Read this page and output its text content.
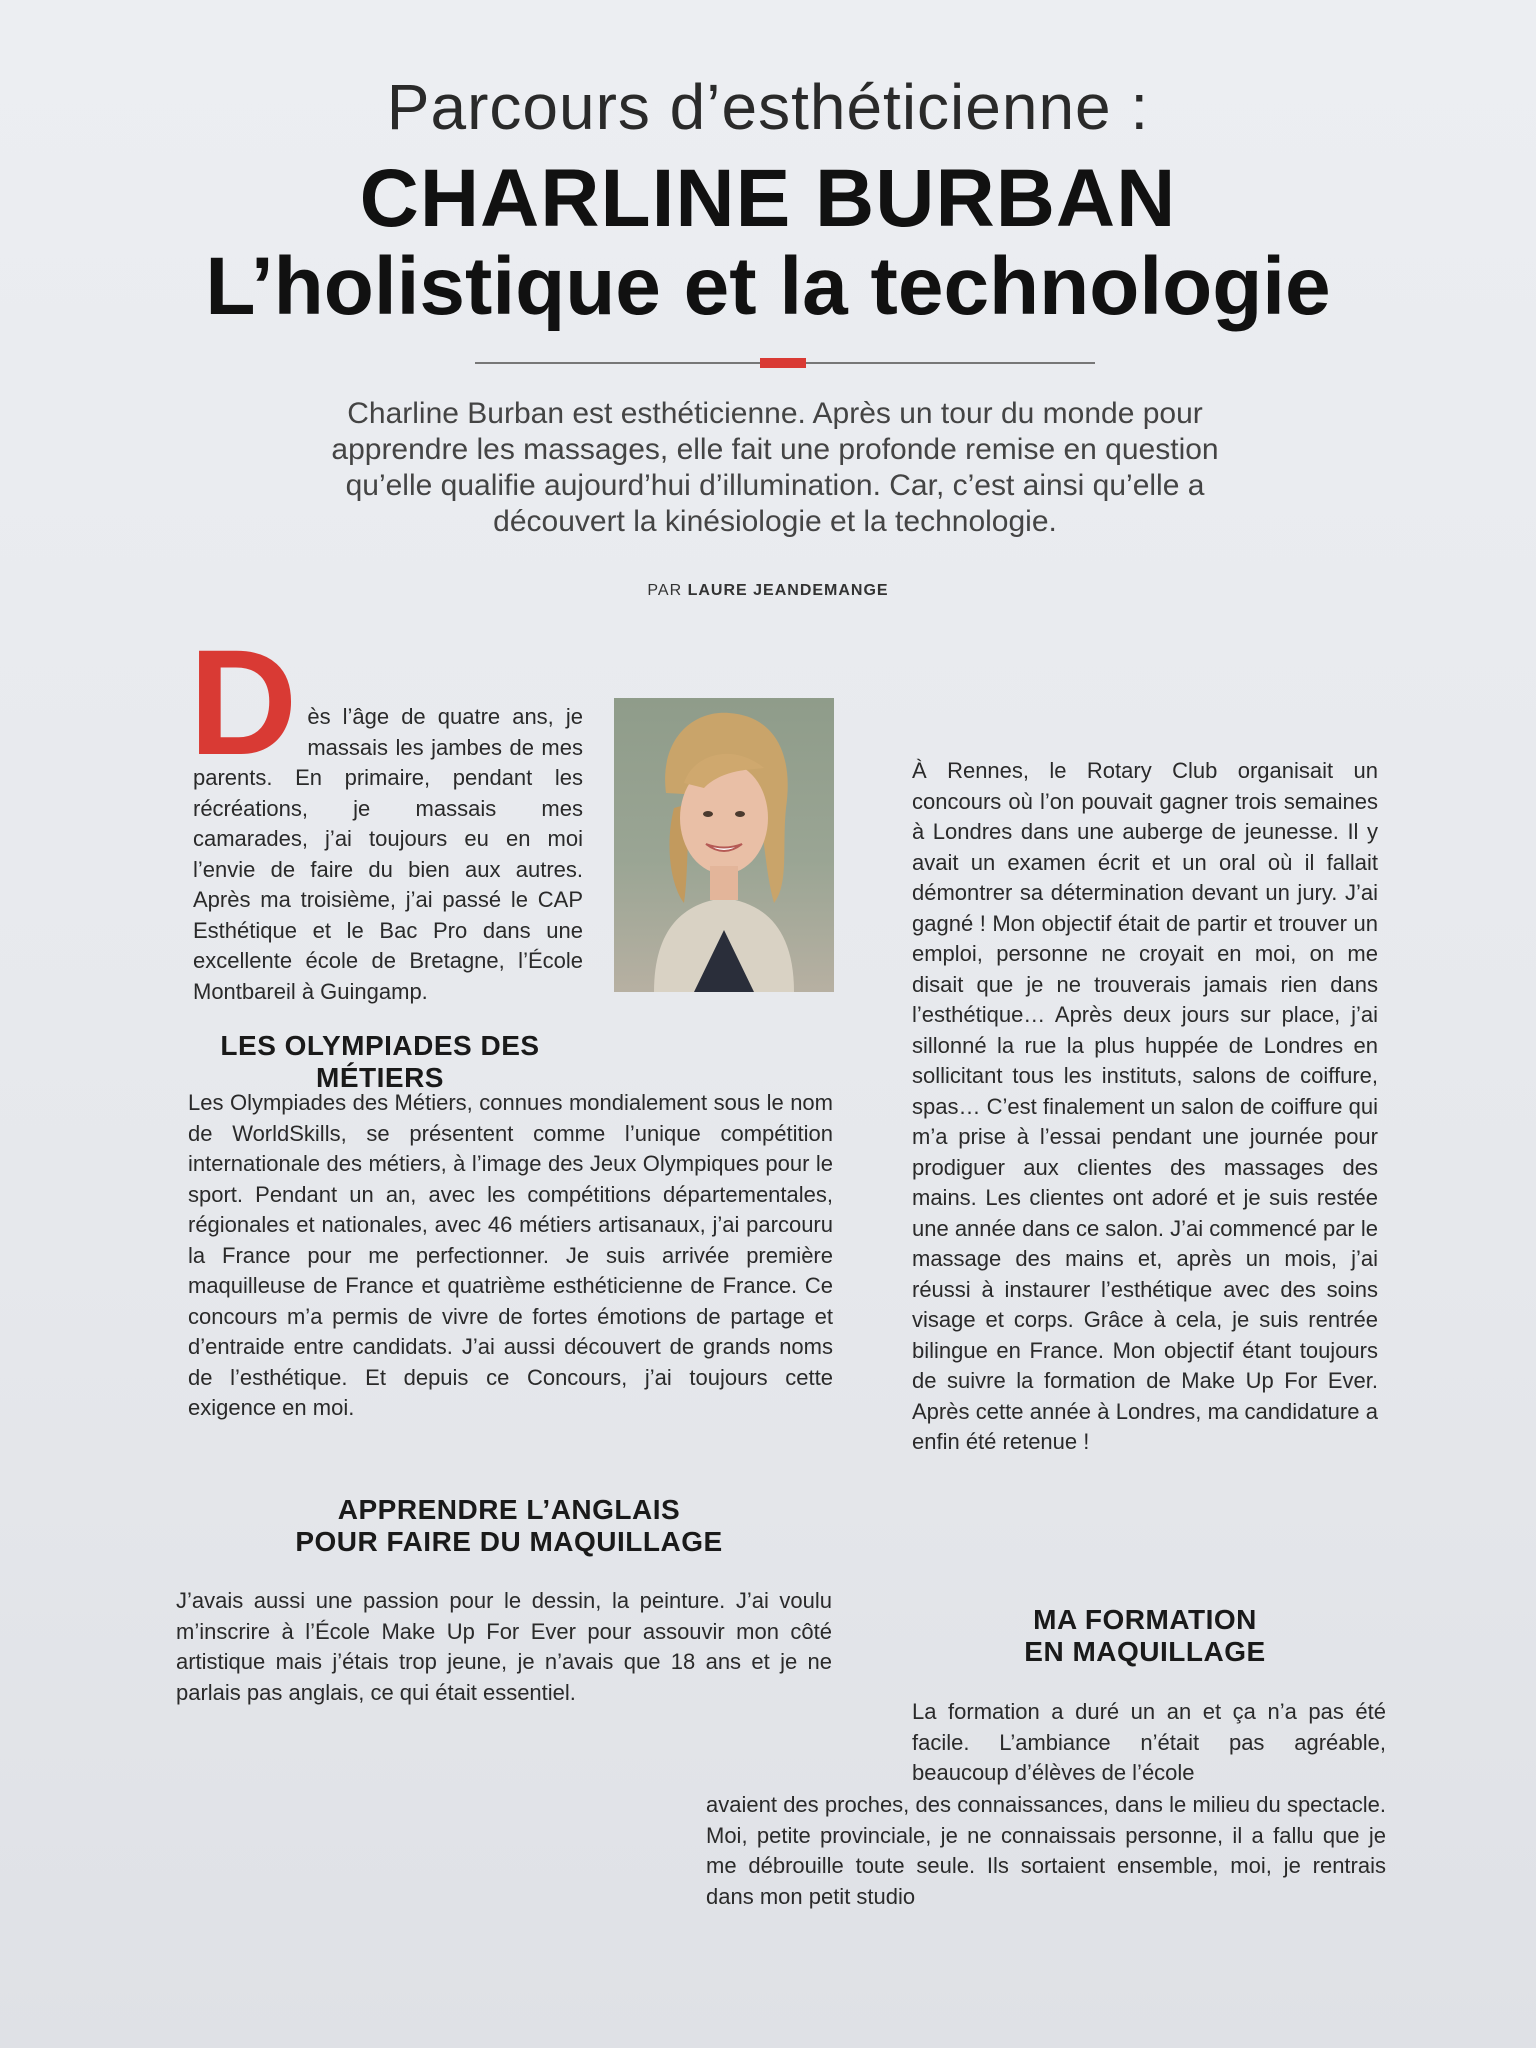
Parcours d’esthéticienne :
CHARLINE BURBAN
L’holistique et la technologie
Charline Burban est esthéticienne. Après un tour du monde pour apprendre les massages, elle fait une profonde remise en question qu’elle qualifie aujourd’hui d’illumination. Car, c’est ainsi qu’elle a découvert la kinésiologie et la technologie.
PAR LAURE JEANDEMANGE
D ès l’âge de quatre ans, je massais les jambes de mes parents. En primaire, pendant les récréations, je massais mes camarades, j’ai toujours eu en moi l’envie de faire du bien aux autres. Après ma troisième, j’ai passé le CAP Esthétique et le Bac Pro dans une excellente école de Bretagne, l’École Montbareil à Guingamp.

LES OLYMPIADES DES MÉTIERS

Les Olympiades des Métiers, connues mondialement sous le nom de WorldSkills, se présentent comme l’unique compétition internationale des métiers, à l’image des Jeux Olympiques pour le sport. Pendant un an, avec les compétitions départementales, régionales et nationales, avec 46 métiers artisanaux, j’ai parcouru la France pour me perfectionner. Je suis arrivée première maquilleuse de France et quatrième esthéticienne de France. Ce concours m’a permis de vivre de fortes émotions de partage et d’entraide entre candidats. J’ai aussi découvert de grands noms de l’esthétique. Et depuis ce Concours, j’ai toujours cette exigence en moi.

APPRENDRE L’ANGLAIS
POUR FAIRE DU MAQUILLAGE

J’avais aussi une passion pour le dessin, la peinture. J’ai voulu m’inscrire à l’École Make Up For Ever pour assouvir mon côté artistique mais j’étais trop jeune, je n’avais que 18 ans et je ne parlais pas anglais, ce qui était essentiel.

À Rennes, le Rotary Club organisait un concours où l’on pouvait gagner trois semaines à Londres dans une auberge de jeunesse. Il y avait un examen écrit et un oral où il fallait démontrer sa détermination devant un jury. J’ai gagné ! Mon objectif était de partir et trouver un emploi, personne ne croyait en moi, on me disait que je ne trouverais jamais rien dans l’esthétique… Après deux jours sur place, j’ai sillonné la rue la plus huppée de Londres en sollicitant tous les instituts, salons de coiffure, spas… C’est finalement un salon de coiffure qui m’a prise à l’essai pendant une journée pour prodiguer aux clientes des massages des mains. Les clientes ont adoré et je suis restée une année dans ce salon. J’ai commencé par le massage des mains et, après un mois, j’ai réussi à instaurer l’esthétique avec des soins visage et corps. Grâce à cela, je suis rentrée bilingue en France. Mon objectif étant toujours de suivre la formation de Make Up For Ever. Après cette année à Londres, ma candidature a enfin été retenue !

MA FORMATION
EN MAQUILLAGE

La formation a duré un an et ça n’a pas été facile. L’ambiance n’était pas agréable, beaucoup d’élèves de l’école

avaient des proches, des connaissances, dans le milieu du spectacle. Moi, petite provinciale, je ne connaissais personne, il a fallu que je me débrouille toute seule. Ils sortaient ensemble, moi, je rentrais dans mon petit studio
